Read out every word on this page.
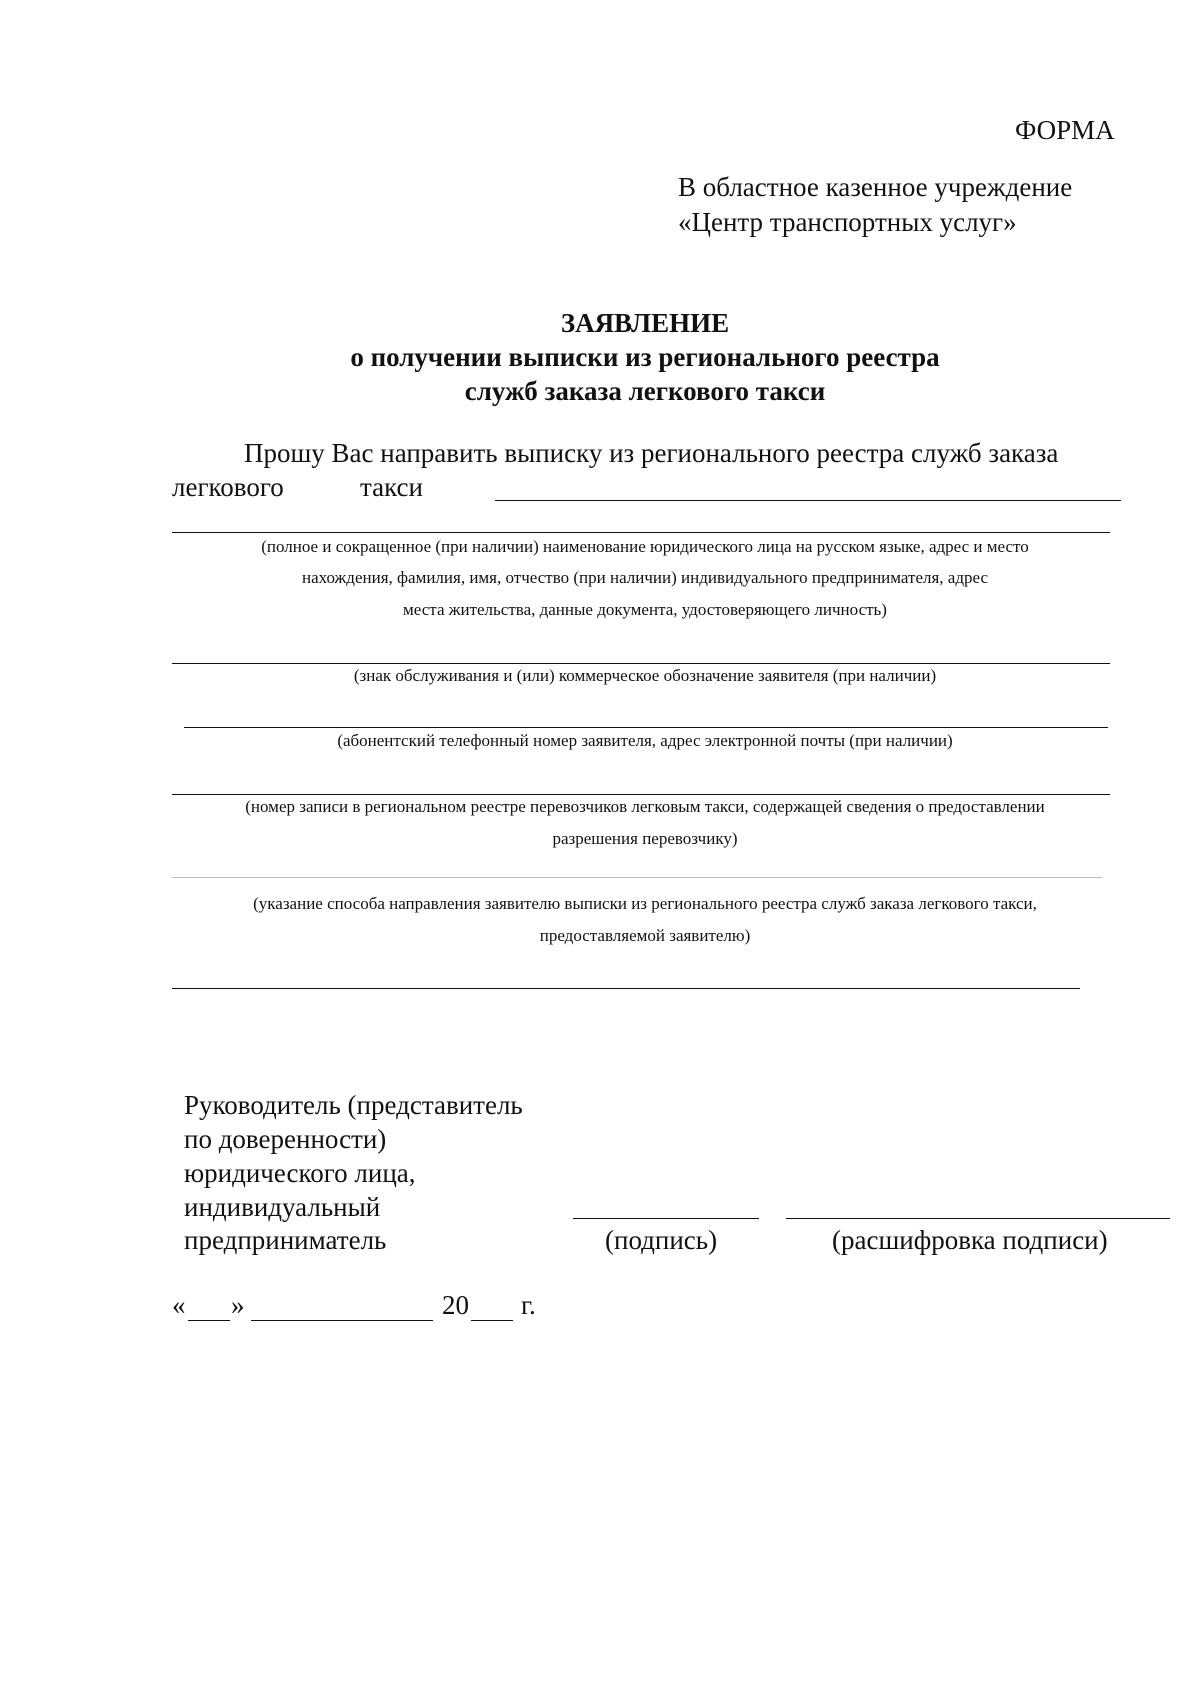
ФОРМА
В областное казенное учреждение
«Центр транспортных услуг»
ЗАЯВЛЕНИЕ
о получении выписки из регионального реестра
служб заказа легкового такси
Прошу Вас направить выписку из регионального реестра служб заказа
легкового	такси
(полное и сокращенное (при наличии) наименование юридического лица на русском языке, адрес и место
нахождения, фамилия, имя, отчество (при наличии) индивидуального предпринимателя, адрес
места жительства, данные документа, удостоверяющего личность)
(знак обслуживания и (или) коммерческое обозначение заявителя (при наличии)
(абонентский телефонный номер заявителя, адрес электронной почты (при наличии)
(номер записи в региональном реестре перевозчиков легковым такси, содержащей сведения о предоставлении
разрешения перевозчику)
(указание способа направления заявителю выписки из регионального реестра служб заказа легкового такси,
предоставляемой заявителю)
Руководитель (представитель
по доверенности)
юридического лица,
индивидуальный
предприниматель	(подпись)	(расшифровка подписи)
« »	20 г.
